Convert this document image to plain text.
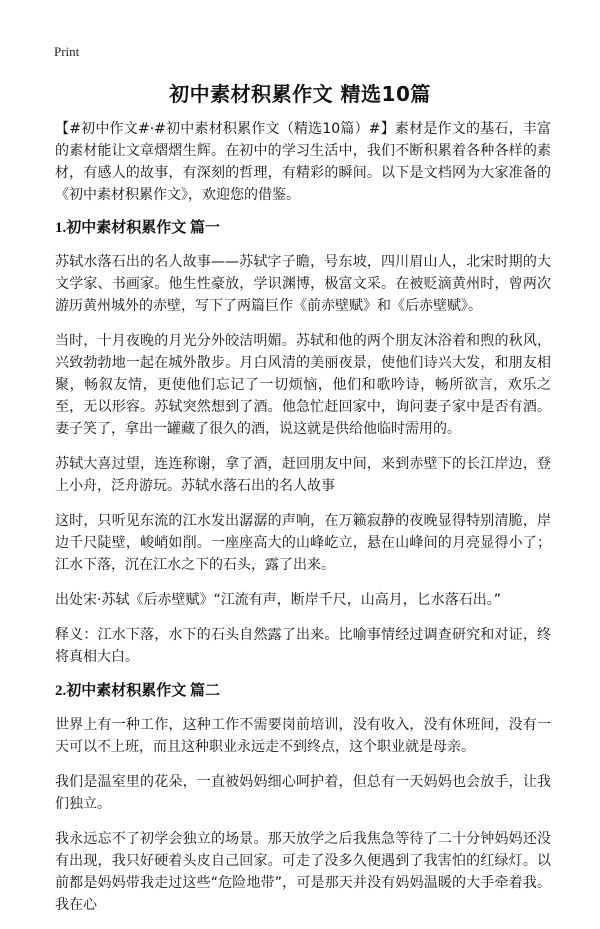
Print
初中素材积累作文 精选10篇

【#初中作文#·#初中素材积累作文（精选10篇）#】素材是作文的基石，丰富的素材能让文章熠熠生辉。在初中的学习生活中，我们不断积累着各种各样的素材，有感人的故事，有深刻的哲理，有精彩的瞬间。以下是文档网为大家准备的《初中素材积累作文》，欢迎您的借鉴。

1.初中素材积累作文 篇一

苏轼水落石出的名人故事——苏轼字子瞻，号东坡，四川眉山人，北宋时期的大文学家、书画家。他生性豪放，学识渊博，极富文采。在被贬滴黄州时，曾两次游历黄州城外的赤壁，写下了两篇巨作《前赤壁赋》和《后赤壁赋》。

当时，十月夜晚的月光分外皎洁明媚。苏轼和他的两个朋友沐浴着和煦的秋风，兴致勃勃地一起在城外散步。月白风清的美丽夜景，使他们诗兴大发，和朋友相聚，畅叙友情，更使他们忘记了一切烦恼，他们和歌吟诗，畅所欲言，欢乐之至，无以形容。苏轼突然想到了酒。他急忙赶回家中，询问妻子家中是否有酒。妻子笑了，拿出一罐藏了很久的酒，说这就是供给他临时需用的。

苏轼大喜过望，连连称谢，拿了酒，赶回朋友中间，来到赤壁下的长江岸边，登上小舟，泛舟游玩。苏轼水落石出的名人故事

这时，只听见东流的江水发出潺潺的声响，在万籁寂静的夜晚显得特别清脆，岸边千尺陡壁，峻峭如削。一座座高大的山峰屹立，悬在山峰间的月亮显得小了；江水下落，沉在江水之下的石头，露了出来。

出处宋·苏轼《后赤壁赋》“江流有声，断岸千尺，山高月，匕水落石出。”

释义：江水下落，水下的石头自然露了出来。比喻事情经过调查研究和对证，终将真相大白。

2.初中素材积累作文 篇二

世界上有一种工作，这种工作不需要岗前培训，没有收入，没有休班间，没有一天可以不上班，而且这种职业永远走不到终点，这个职业就是母亲。

我们是温室里的花朵，一直被妈妈细心呵护着，但总有一天妈妈也会放手，让我们独立。

我永远忘不了初学会独立的场景。那天放学之后我焦急等待了二十分钟妈妈还没有出现，我只好硬着头皮自己回家。可走了没多久便遇到了我害怕的红绿灯。以前都是妈妈带我走过这些“危险地带”，可是那天并没有妈妈温暖的大手牵着我。我在心
